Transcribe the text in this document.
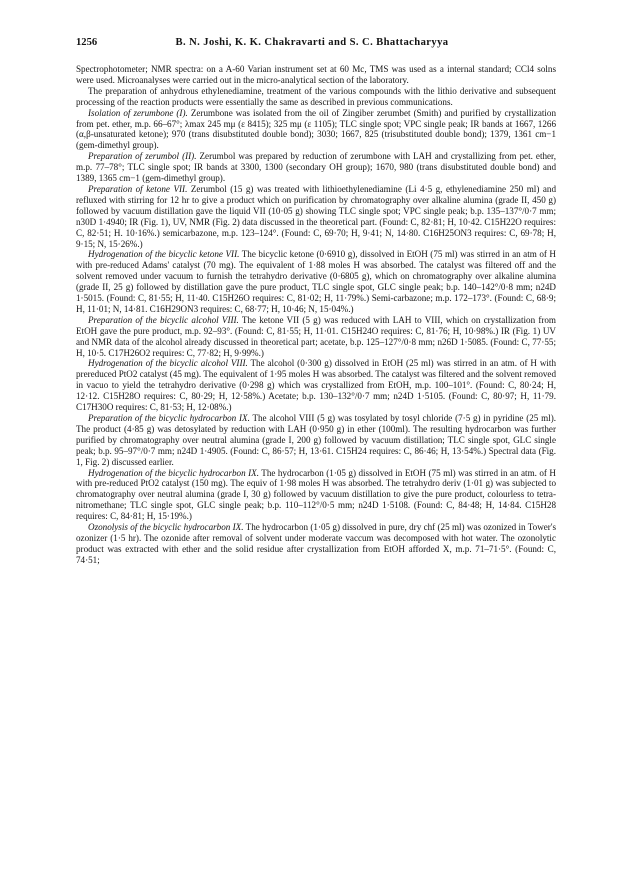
1256	B. N. Joshi, K. K. Chakravarti and S. C. Bhattacharyya

Spectrophotometer; NMR spectra: on a A-60 Varian instrument set at 60 Mc, TMS was used as a internal standard; CCl4 solns were used. Microanalyses were carried out in the micro-analytical section of the laboratory.

The preparation of anhydrous ethylenediamine, treatment of the various compounds with the lithio derivative and subsequent processing of the reaction products were essentially the same as described in previous communications.

Isolation of zerumbone (I). Zerumbone was isolated from the oil of Zingiber zerumbet (Smith) and purified by crystallization from pet. ether, m.p. 66–67°; λmax 245 mμ (ε 8415); 325 mμ (ε 1105); TLC single spot; VPC single peak; IR bands at 1667, 1266 (α,β-unsaturated ketone); 970 (trans disubstituted double bond); 3030; 1667, 825 (trisubstituted double bond); 1379, 1361 cm−1 (gem-dimethyl group).

Preparation of zerumbol (II). Zerumbol was prepared by reduction of zerumbone with LAH and crystallizing from pet. ether, m.p. 77–78°; TLC single spot; IR bands at 3300, 1300 (secondary OH group); 1670, 980 (trans disubstituted double bond) and 1389, 1365 cm−1 (gem-dimethyl group).

Preparation of ketone VII. Zerumbol (15 g) was treated with lithioethylenediamine (Li 4·5 g, ethylenediamine 250 ml) and refluxed with stirring for 12 hr to give a product which on purification by chromatography over alkaline alumina (grade II, 450 g) followed by vacuum distillation gave the liquid VII (10·05 g) showing TLC single spot; VPC single peak; b.p. 135–137°/0·7 mm; n30D 1·4940; IR (Fig. 1), UV, NMR (Fig. 2) data discussed in the theoretical part. (Found: C, 82·81; H, 10·42. C15H22O requires: C, 82·51; H. 10·16%.) semicarbazone, m.p. 123–124°. (Found: C, 69·70; H, 9·41; N, 14·80. C16H25ON3 requires: C, 69·78; H, 9·15; N, 15·26%.)

Hydrogenation of the bicyclic ketone VII. The bicyclic ketone (0·6910 g), dissolved in EtOH (75 ml) was stirred in an atm of H with pre-reduced Adams' catalyst (70 mg). The equivalent of 1·88 moles H was absorbed. The catalyst was filtered off and the solvent removed under vacuum to furnish the tetrahydro derivative (0·6805 g), which on chromatography over alkaline alumina (grade II, 25 g) followed by distillation gave the pure product, TLC single spot, GLC single peak; b.p. 140–142°/0·8 mm; n24D 1·5015. (Found: C, 81·55; H, 11·40. C15H26O requires: C, 81·02; H, 11·79%.) Semi-carbazone; m.p. 172–173°. (Found: C, 68·9; H, 11·01; N, 14·81. C16H29ON3 requires: C, 68·77; H, 10·46; N, 15·04%.)

Preparation of the bicyclic alcohol VIII. The ketone VII (5 g) was reduced with LAH to VIII, which on crystallization from EtOH gave the pure product, m.p. 92–93°. (Found: C, 81·55; H, 11·01. C15H24O requires: C, 81·76; H, 10·98%.) IR (Fig. 1) UV and NMR data of the alcohol already discussed in theoretical part; acetate, b.p. 125–127°/0·8 mm; n26D 1·5085. (Found: C, 77·55; H, 10·5. C17H26O2 requires: C, 77·82; H, 9·99%.)

Hydrogenation of the bicyclic alcohol VIII. The alcohol (0·300 g) dissolved in EtOH (25 ml) was stirred in an atm. of H with prereduced PtO2 catalyst (45 mg). The equivalent of 1·95 moles H was absorbed. The catalyst was filtered and the solvent removed in vacuo to yield the tetrahydro derivative (0·298 g) which was crystallized from EtOH, m.p. 100–101°. (Found: C, 80·24; H, 12·12. C15H28O requires: C, 80·29; H, 12·58%.) Acetate; b.p. 130–132°/0·7 mm; n24D 1·5105. (Found: C, 80·97; H, 11·79. C17H30O requires: C, 81·53; H, 12·08%.)

Preparation of the bicyclic hydrocarbon IX. The alcohol VIII (5 g) was tosylated by tosyl chloride (7·5 g) in pyridine (25 ml). The product (4·85 g) was detosylated by reduction with LAH (0·950 g) in ether (100ml). The resulting hydrocarbon was further purified by chromatography over neutral alumina (grade I, 200 g) followed by vacuum distillation; TLC single spot, GLC single peak; b.p. 95–97°/0·7 mm; n24D 1·4905. (Found: C, 86·57; H, 13·61. C15H24 requires: C, 86·46; H, 13·54%.) Spectral data (Fig. 1, Fig. 2) discussed earlier.

Hydrogenation of the bicyclic hydrocarbon IX. The hydrocarbon (1·05 g) dissolved in EtOH (75 ml) was stirred in an atm. of H with pre-reduced PtO2 catalyst (150 mg). The equiv of 1·98 moles H was absorbed. The tetrahydro deriv (1·01 g) was subjected to chromatography over neutral alumina (grade I, 30 g) followed by vacuum distillation to give the pure product, colourless to tetra-nitromethane; TLC single spot, GLC single peak; b.p. 110–112°/0·5 mm; n24D 1·5108. (Found: C, 84·48; H, 14·84. C15H28 requires: C, 84·81; H, 15·19%.)

Ozonolysis of the bicyclic hydrocarbon IX. The hydrocarbon (1·05 g) dissolved in pure, dry chf (25 ml) was ozonized in Tower's ozonizer (1·5 hr). The ozonide after removal of solvent under moderate vaccum was decomposed with hot water. The ozonolytic product was extracted with ether and the solid residue after crystallization from EtOH afforded X, m.p. 71–71·5°. (Found: C, 74·51;
